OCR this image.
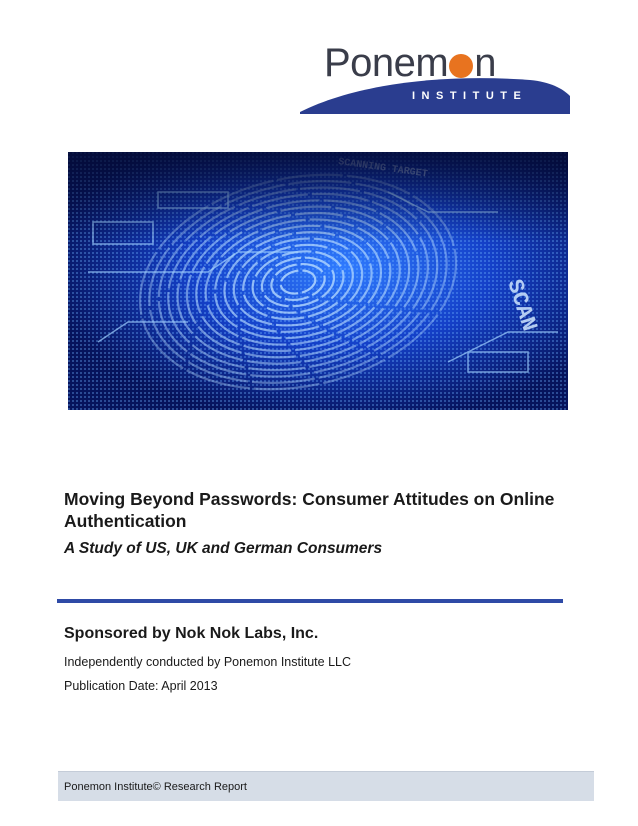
Ponem n
INSTITUTE
Moving Beyond Passwords: Consumer Attitudes on Online Authentication
A Study of US, UK and German Consumers
Sponsored by Nok Nok Labs, Inc.
Independently conducted by Ponemon Institute LLC
Publication Date: April 2013
Ponemon Institute© Research Report
